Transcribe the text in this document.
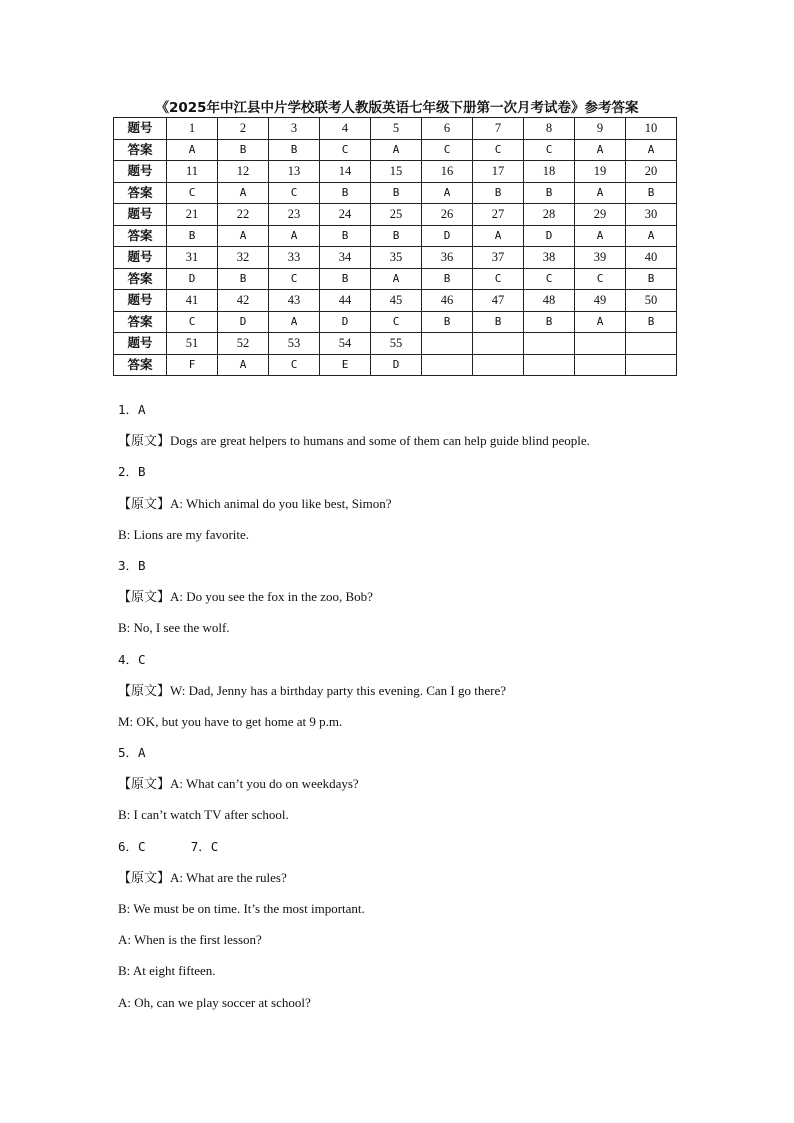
《2025年中江县中片学校联考人教版英语七年级下册第一次月考试卷》参考答案
题号	1	2	3	4	5	6	7	8	9	10
答案	A	B	B	C	A	C	C	C	A	A
题号	11	12	13	14	15	16	17	18	19	20
答案	C	A	C	B	B	A	B	B	A	B
题号	21	22	23	24	25	26	27	28	29	30
答案	B	A	A	B	B	D	A	D	A	A
题号	31	32	33	34	35	36	37	38	39	40
答案	D	B	C	B	A	B	C	C	C	B
题号	41	42	43	44	45	46	47	48	49	50
答案	C	D	A	D	C	B	B	B	A	B
题号	51	52	53	54	55					
答案	F	A	C	E	D					
1．A
【原文】Dogs are great helpers to humans and some of them can help guide blind people.
2．B
【原文】A: Which animal do you like best, Simon?
B: Lions are my favorite.
3．B
【原文】A: Do you see the fox in the zoo, Bob?
B: No, I see the wolf.
4．C
【原文】W: Dad, Jenny has a birthday party this evening. Can I go there?
M: OK, but you have to get home at 9 p.m.
5．A
【原文】A: What can’t you do on weekdays?
B: I can’t watch TV after school.
6．C      7．C
【原文】A: What are the rules?
B: We must be on time. It’s the most important.
A: When is the first lesson?
B: At eight fifteen.
A: Oh, can we play soccer at school?
